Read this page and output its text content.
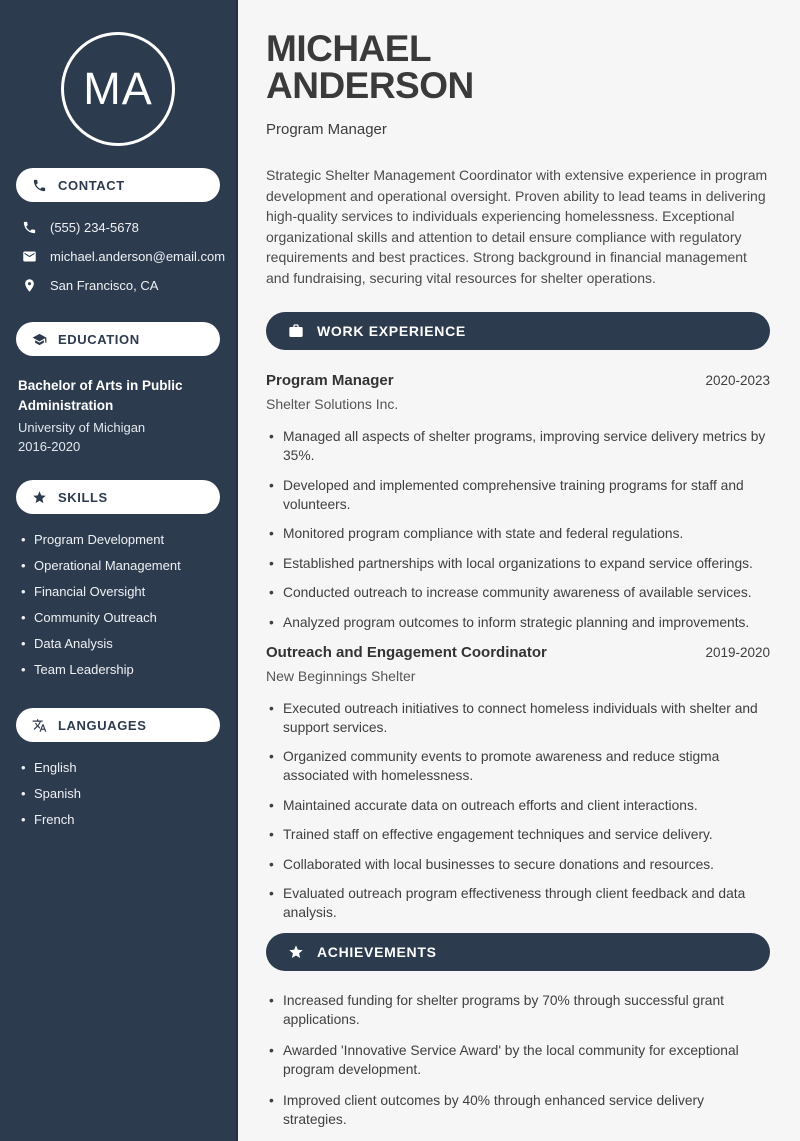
MA
CONTACT
(555) 234-5678
michael.anderson@email.com
San Francisco, CA
EDUCATION
Bachelor of Arts in Public Administration
University of Michigan
2016-2020
SKILLS
• Program Development
• Operational Management
• Financial Oversight
• Community Outreach
• Data Analysis
• Team Leadership
LANGUAGES
• English
• Spanish
• French
MICHAEL ANDERSON
Program Manager

Strategic Shelter Management Coordinator with extensive experience in program development and operational oversight. Proven ability to lead teams in delivering high-quality services to individuals experiencing homelessness. Exceptional organizational skills and attention to detail ensure compliance with regulatory requirements and best practices. Strong background in financial management and fundraising, securing vital resources for shelter operations.

WORK EXPERIENCE
Program Manager	2020-2023
Shelter Solutions Inc.
• Managed all aspects of shelter programs, improving service delivery metrics by 35%.
• Developed and implemented comprehensive training programs for staff and volunteers.
• Monitored program compliance with state and federal regulations.
• Established partnerships with local organizations to expand service offerings.
• Conducted outreach to increase community awareness of available services.
• Analyzed program outcomes to inform strategic planning and improvements.
Outreach and Engagement Coordinator	2019-2020
New Beginnings Shelter
• Executed outreach initiatives to connect homeless individuals with shelter and support services.
• Organized community events to promote awareness and reduce stigma associated with homelessness.
• Maintained accurate data on outreach efforts and client interactions.
• Trained staff on effective engagement techniques and service delivery.
• Collaborated with local businesses to secure donations and resources.
• Evaluated outreach program effectiveness through client feedback and data analysis.
ACHIEVEMENTS
• Increased funding for shelter programs by 70% through successful grant applications.
• Awarded 'Innovative Service Award' by the local community for exceptional program development.
• Improved client outcomes by 40% through enhanced service delivery strategies.
